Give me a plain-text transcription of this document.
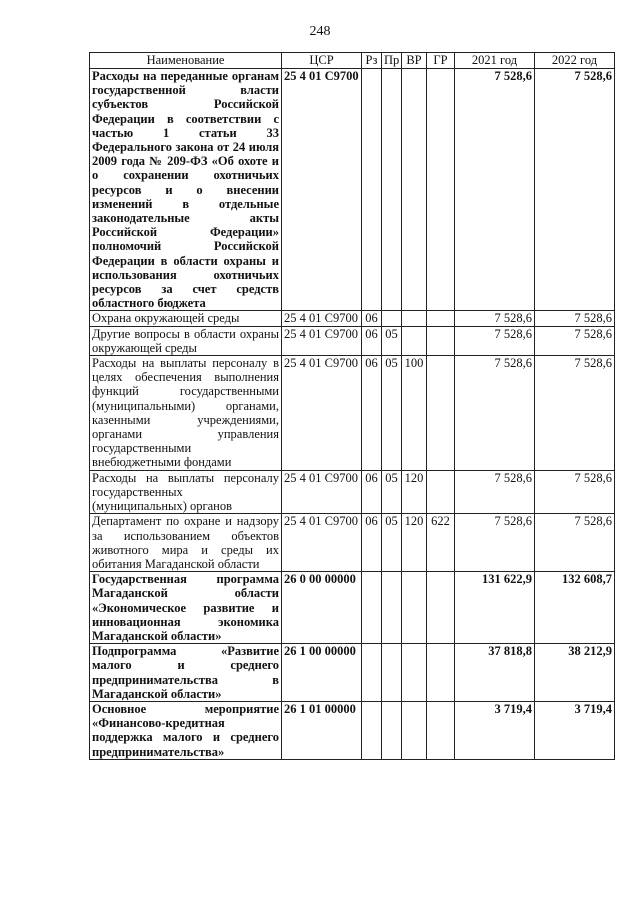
248
Наименование	ЦСР	Рз	Пр	ВР	ГР	2021 год	2022 год
Расходы на переданные органам государственной власти субъектов Российской Федерации в соответствии с частью 1 статьи 33 Федерального закона от 24 июля 2009 года № 209-ФЗ «Об охоте и о сохранении охотничьих ресурсов и о внесении изменений в отдельные законодательные акты Российской Федерации» полномочий Российской Федерации в области охраны и использования охотничьих ресурсов за счет средств областного бюджета	25 4 01 С9700					7 528,6	7 528,6
Охрана окружающей среды	25 4 01 С9700	06				7 528,6	7 528,6
Другие вопросы в области охраны окружающей среды	25 4 01 С9700	06	05			7 528,6	7 528,6
Расходы на выплаты персоналу в целях обеспечения выполнения функций государственными (муниципальными) органами, казенными учреждениями, органами управления государственными внебюджетными фондами	25 4 01 С9700	06	05	100		7 528,6	7 528,6
Расходы на выплаты персоналу государственных (муниципальных) органов	25 4 01 С9700	06	05	120		7 528,6	7 528,6
Департамент по охране и надзору за использованием объектов животного мира и среды их обитания Магаданской области	25 4 01 С9700	06	05	120	622	7 528,6	7 528,6
Государственная программа Магаданской области «Экономическое развитие и инновационная экономика Магаданской области»	26 0 00 00000					131 622,9	132 608,7
Подпрограмма «Развитие малого и среднего предпринимательства в Магаданской области»	26 1 00 00000					37 818,8	38 212,9
Основное мероприятие «Финансово-кредитная поддержка малого и среднего предпринимательства»	26 1 01 00000					3 719,4	3 719,4
